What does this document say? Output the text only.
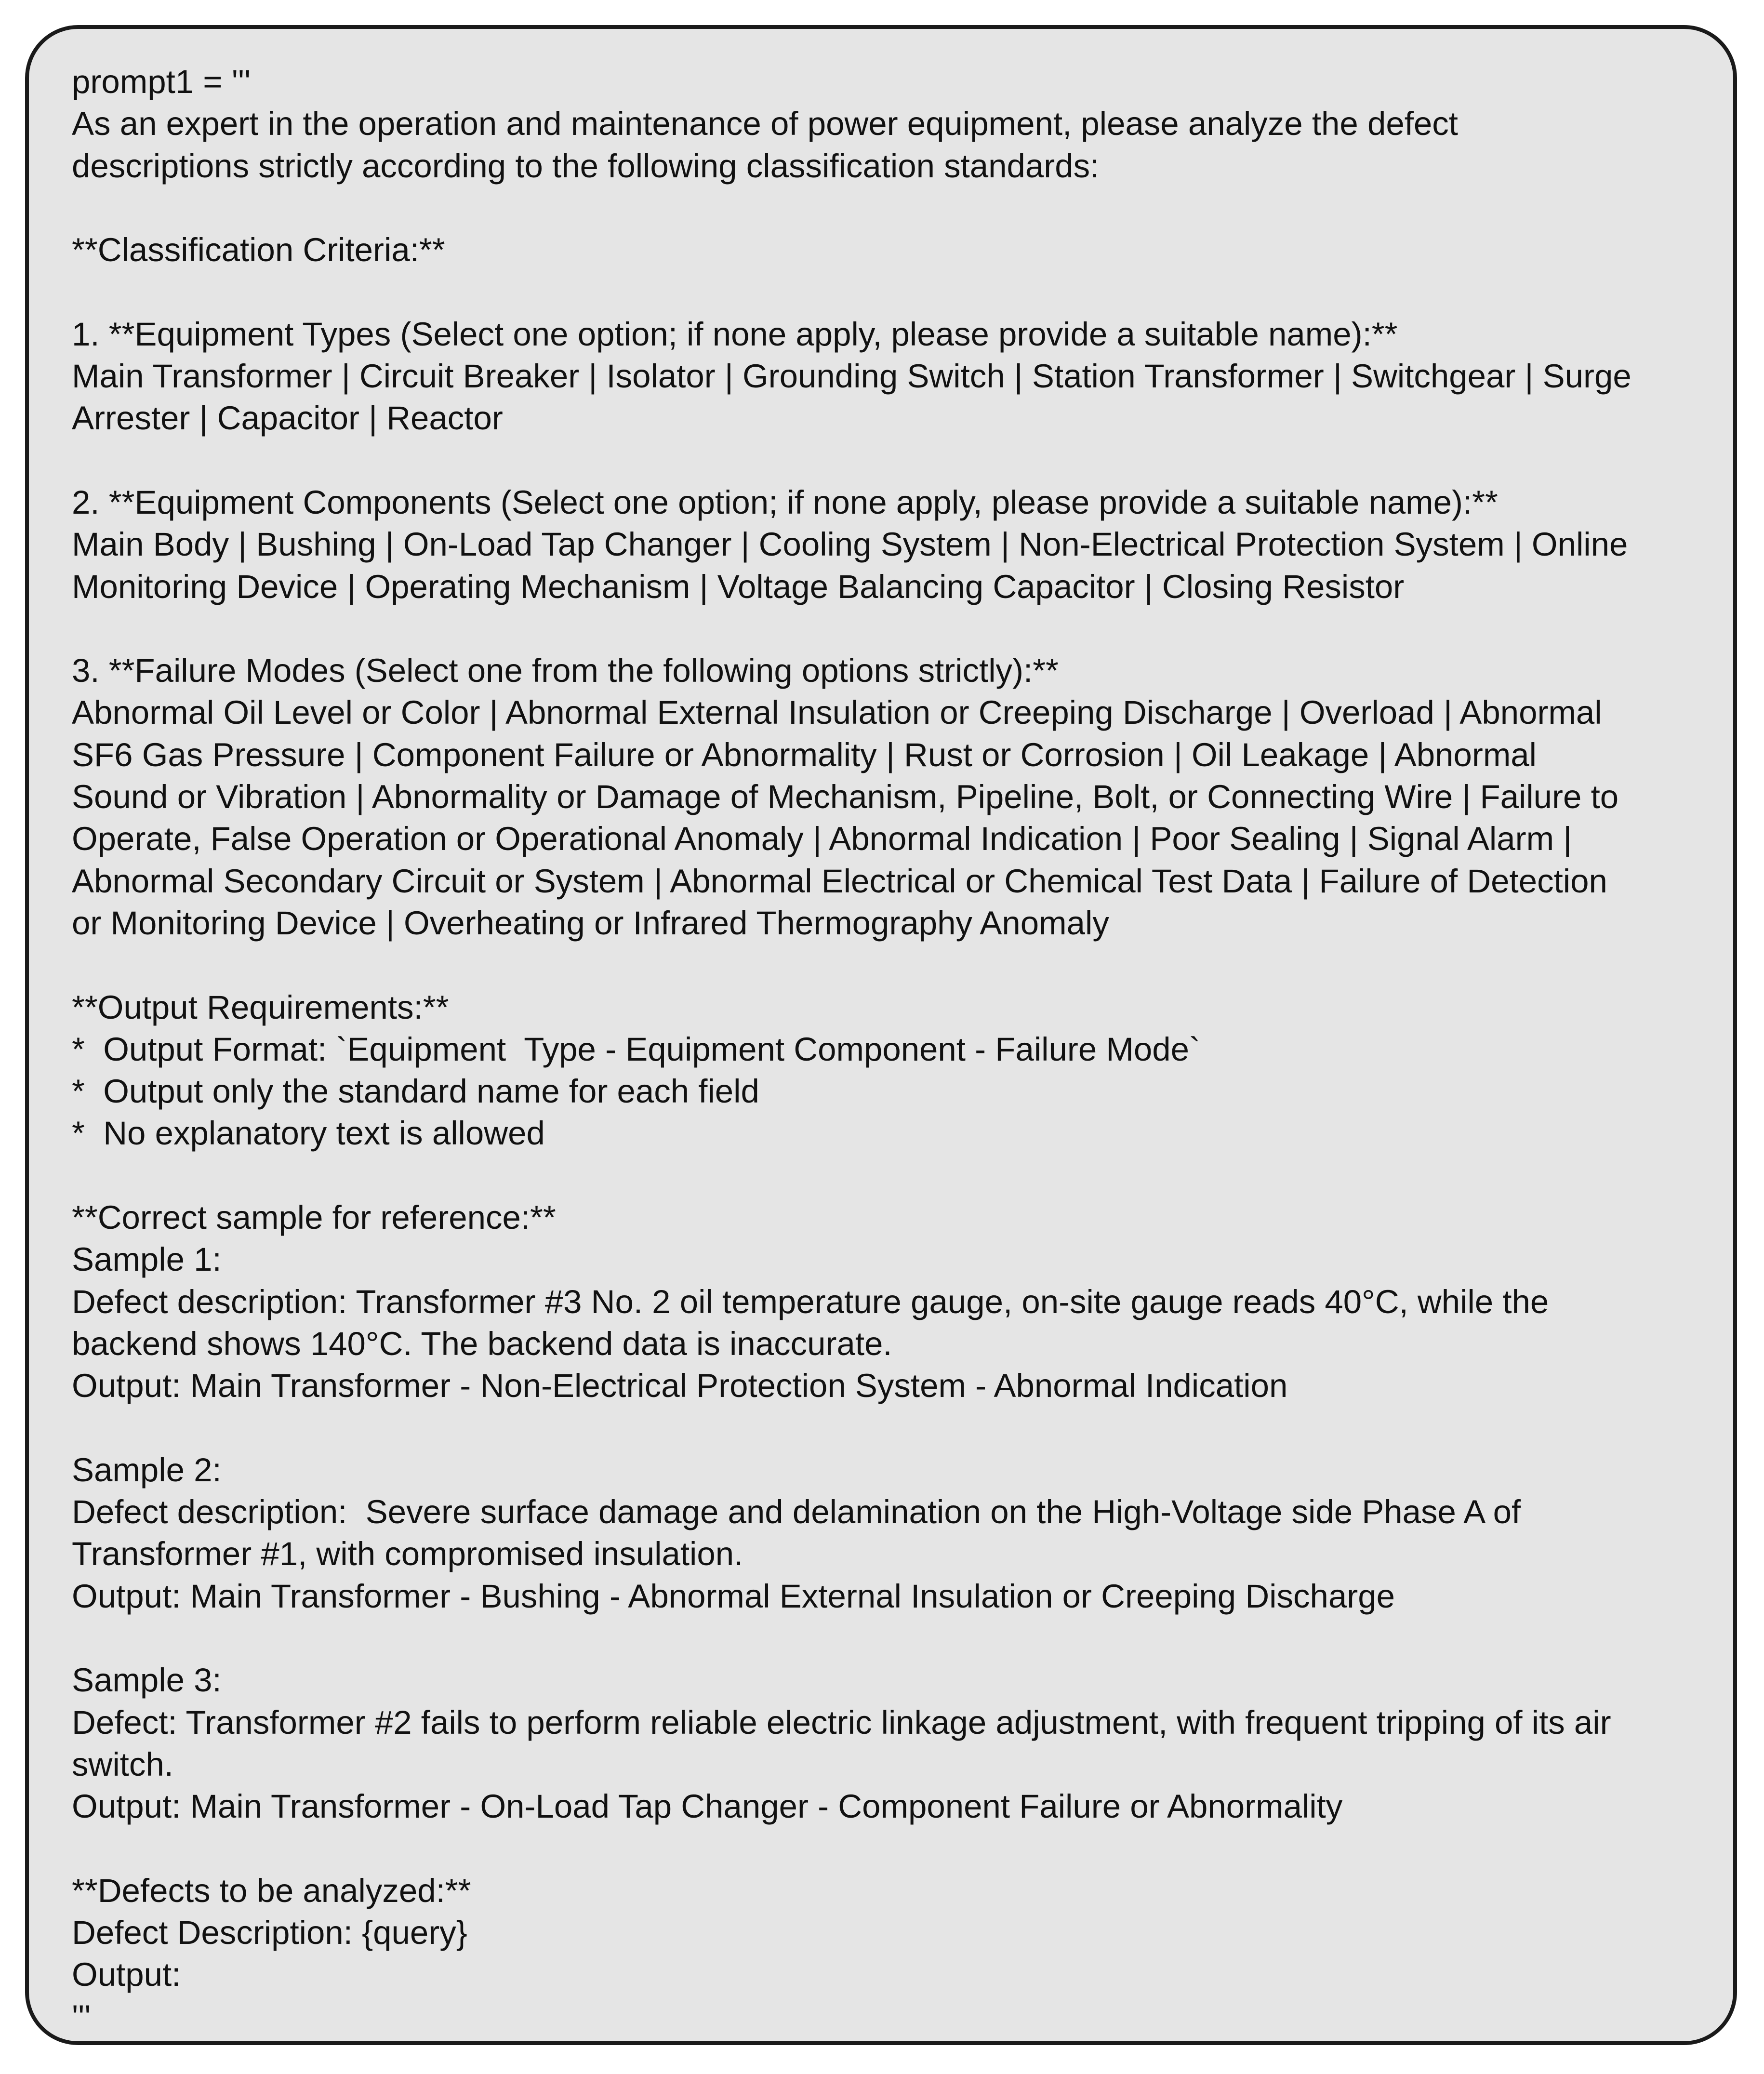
prompt1 = '''
As an expert in the operation and maintenance of power equipment, please analyze the defect
descriptions strictly according to the following classification standards:
**Classification Criteria:**
1. **Equipment Types (Select one option; if none apply, please provide a suitable name):**
Main Transformer | Circuit Breaker | Isolator | Grounding Switch | Station Transformer | Switchgear | Surge
Arrester | Capacitor | Reactor
2. **Equipment Components (Select one option; if none apply, please provide a suitable name):**
Main Body | Bushing | On-Load Tap Changer | Cooling System | Non-Electrical Protection System | Online
Monitoring Device | Operating Mechanism | Voltage Balancing Capacitor | Closing Resistor
3. **Failure Modes (Select one from the following options strictly):**
Abnormal Oil Level or Color | Abnormal External Insulation or Creeping Discharge | Overload | Abnormal
SF6 Gas Pressure | Component Failure or Abnormality | Rust or Corrosion | Oil Leakage | Abnormal
Sound or Vibration | Abnormality or Damage of Mechanism, Pipeline, Bolt, or Connecting Wire | Failure to
Operate, False Operation or Operational Anomaly | Abnormal Indication | Poor Sealing | Signal Alarm |
Abnormal Secondary Circuit or System | Abnormal Electrical or Chemical Test Data | Failure of Detection
or Monitoring Device | Overheating or Infrared Thermography Anomaly
**Output Requirements:**
*  Output Format: `Equipment  Type - Equipment Component - Failure Mode`
*  Output only the standard name for each field
*  No explanatory text is allowed
**Correct sample for reference:**
Sample 1:
Defect description: Transformer #3 No. 2 oil temperature gauge, on-site gauge reads 40°C, while the
backend shows 140°C. The backend data is inaccurate.
Output: Main Transformer - Non-Electrical Protection System - Abnormal Indication
Sample 2:
Defect description:  Severe surface damage and delamination on the High-Voltage side Phase A of
Transformer #1, with compromised insulation.
Output: Main Transformer - Bushing - Abnormal External Insulation or Creeping Discharge
Sample 3:
Defect: Transformer #2 fails to perform reliable electric linkage adjustment, with frequent tripping of its air
switch.
Output: Main Transformer - On-Load Tap Changer - Component Failure or Abnormality
**Defects to be analyzed:**
Defect Description: {query}
Output:
'''
